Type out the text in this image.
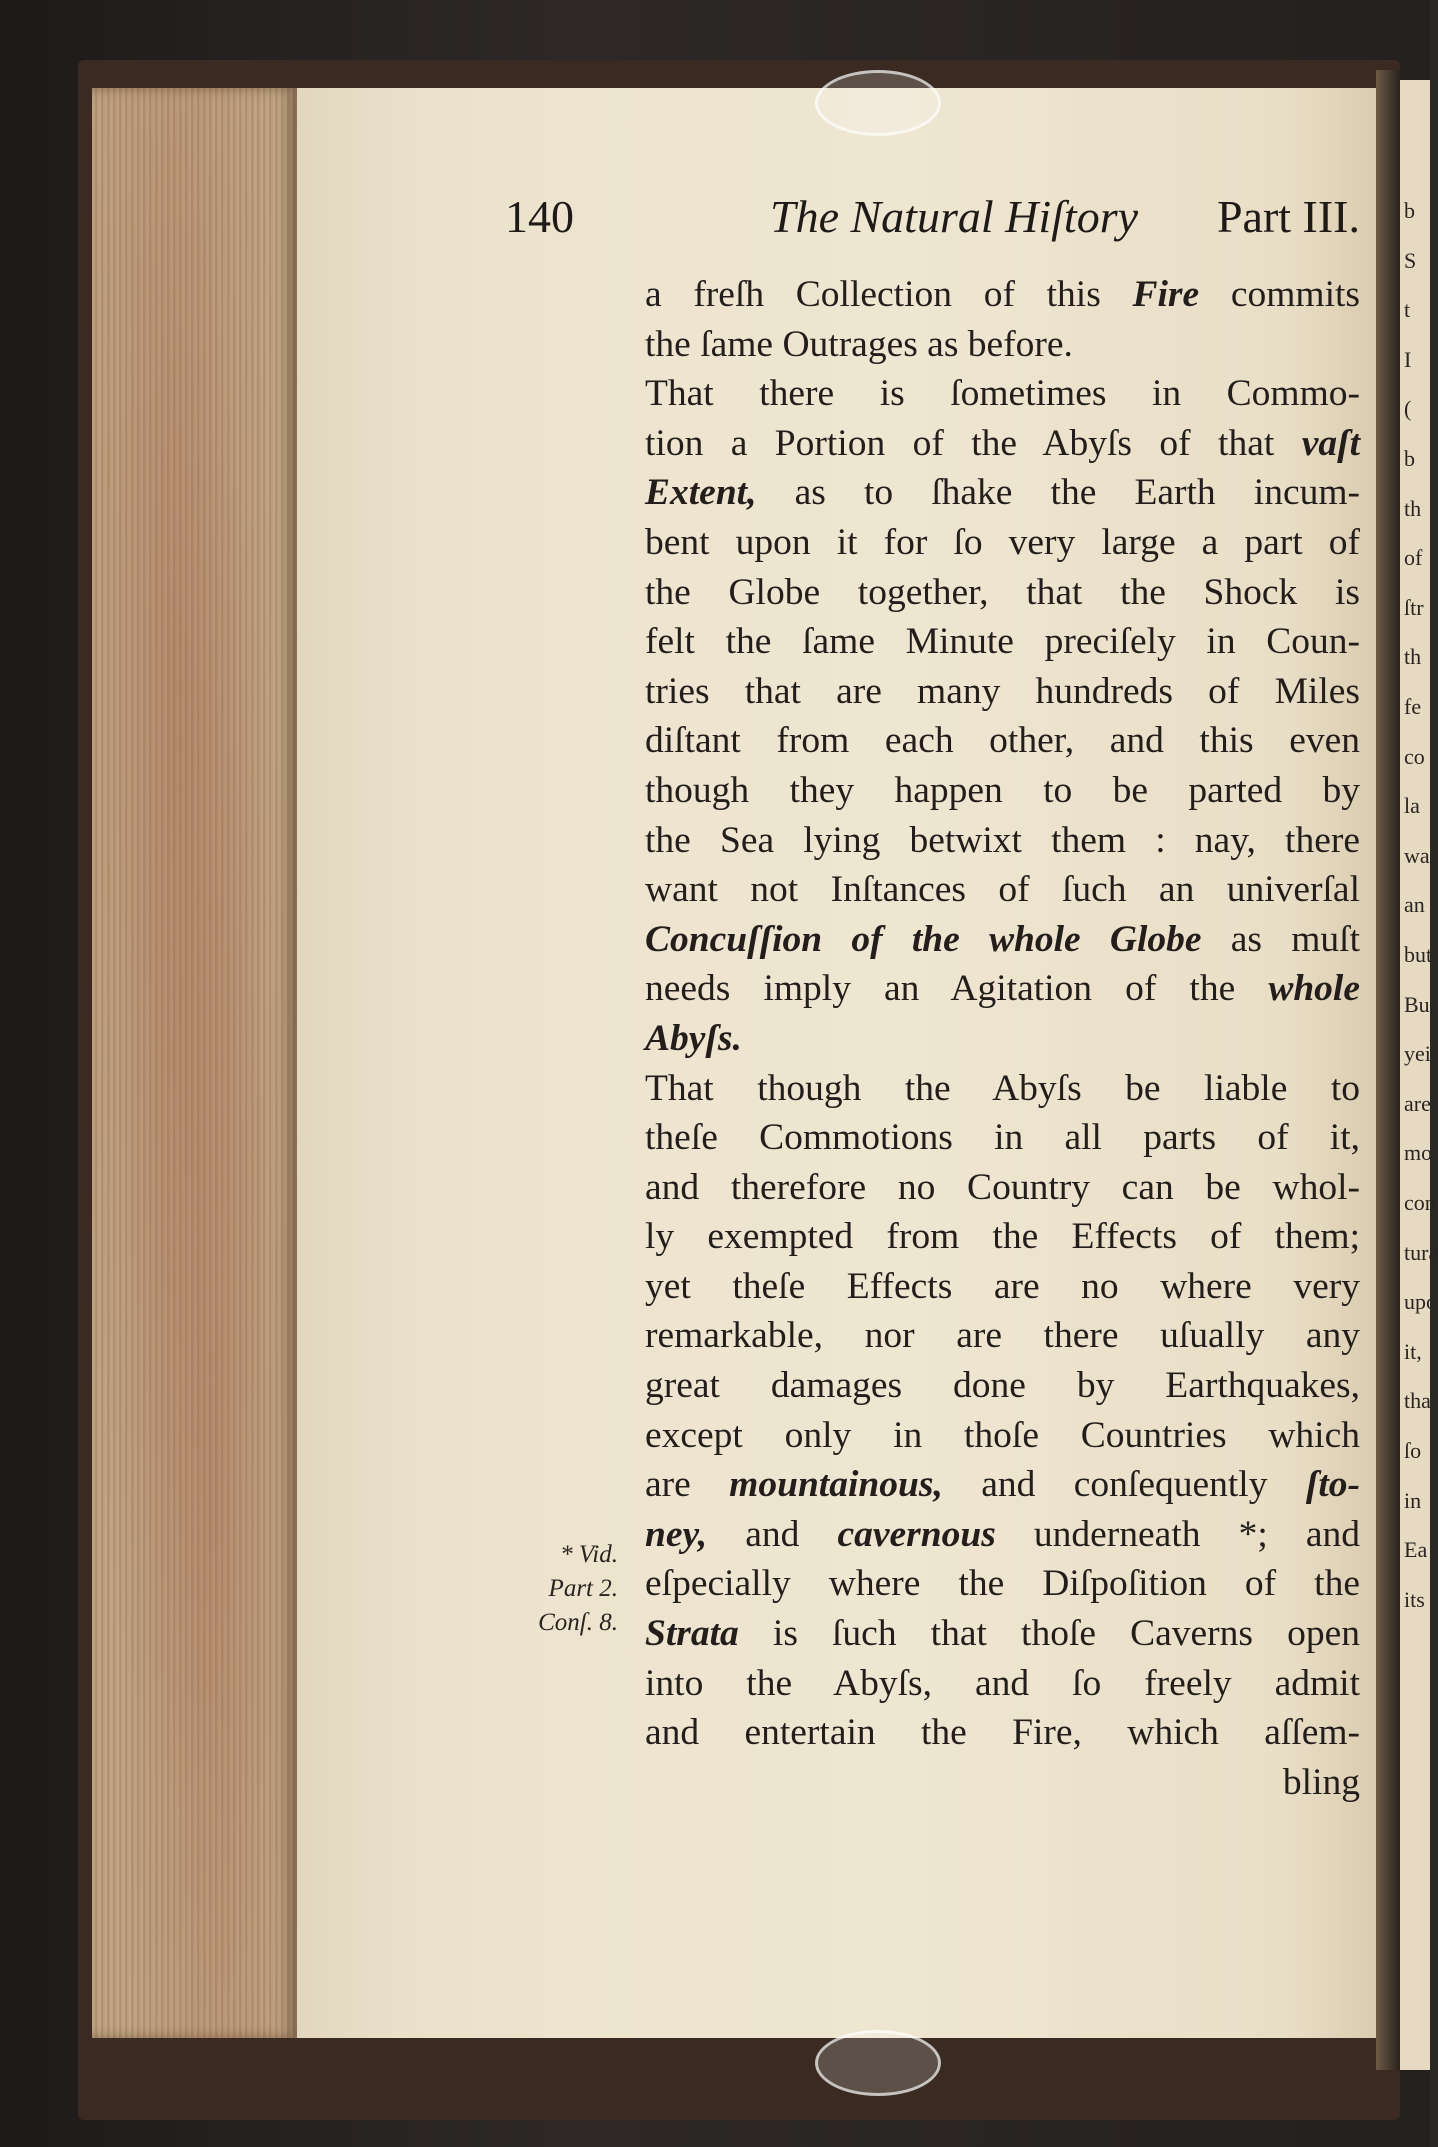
b
S
t
I
(
b
th
of
ſtr
th
fe
co
la
wa
an
but
But
yei
are
mo
con
tura
upo
it,
tha
ſo
in
Ea
its
140	The Natural Hiſtory Part III.
* Vid.
Part 2.
Conſ. 8.
a freſh Collection of this Fire commits
the ſame Outrages as before.
That there is ſometimes in Commo-
tion a Portion of the Abyſs of that vaſt
Extent, as to ſhake the Earth incum-
bent upon it for ſo very large a part of
the Globe together, that the Shock is
felt the ſame Minute preciſely in Coun-
tries that are many hundreds of Miles
diſtant from each other, and this even
though they happen to be parted by
the Sea lying betwixt them : nay, there
want not Inſtances of ſuch an univerſal
Concuſſion of the whole Globe as muſt
needs imply an Agitation of the whole
Abyſs.
That though the Abyſs be liable to
theſe Commotions in all parts of it,
and therefore no Country can be whol-
ly exempted from the Effects of them;
yet theſe Effects are no where very
remarkable, nor are there uſually any
great damages done by Earthquakes,
except only in thoſe Countries which
are mountainous, and conſequently ſto-
ney, and cavernous underneath *; and
eſpecially where the Diſpoſition of the
Strata is ſuch that thoſe Caverns open
into the Abyſs, and ſo freely admit
and entertain the Fire, which aſſem-
bling
